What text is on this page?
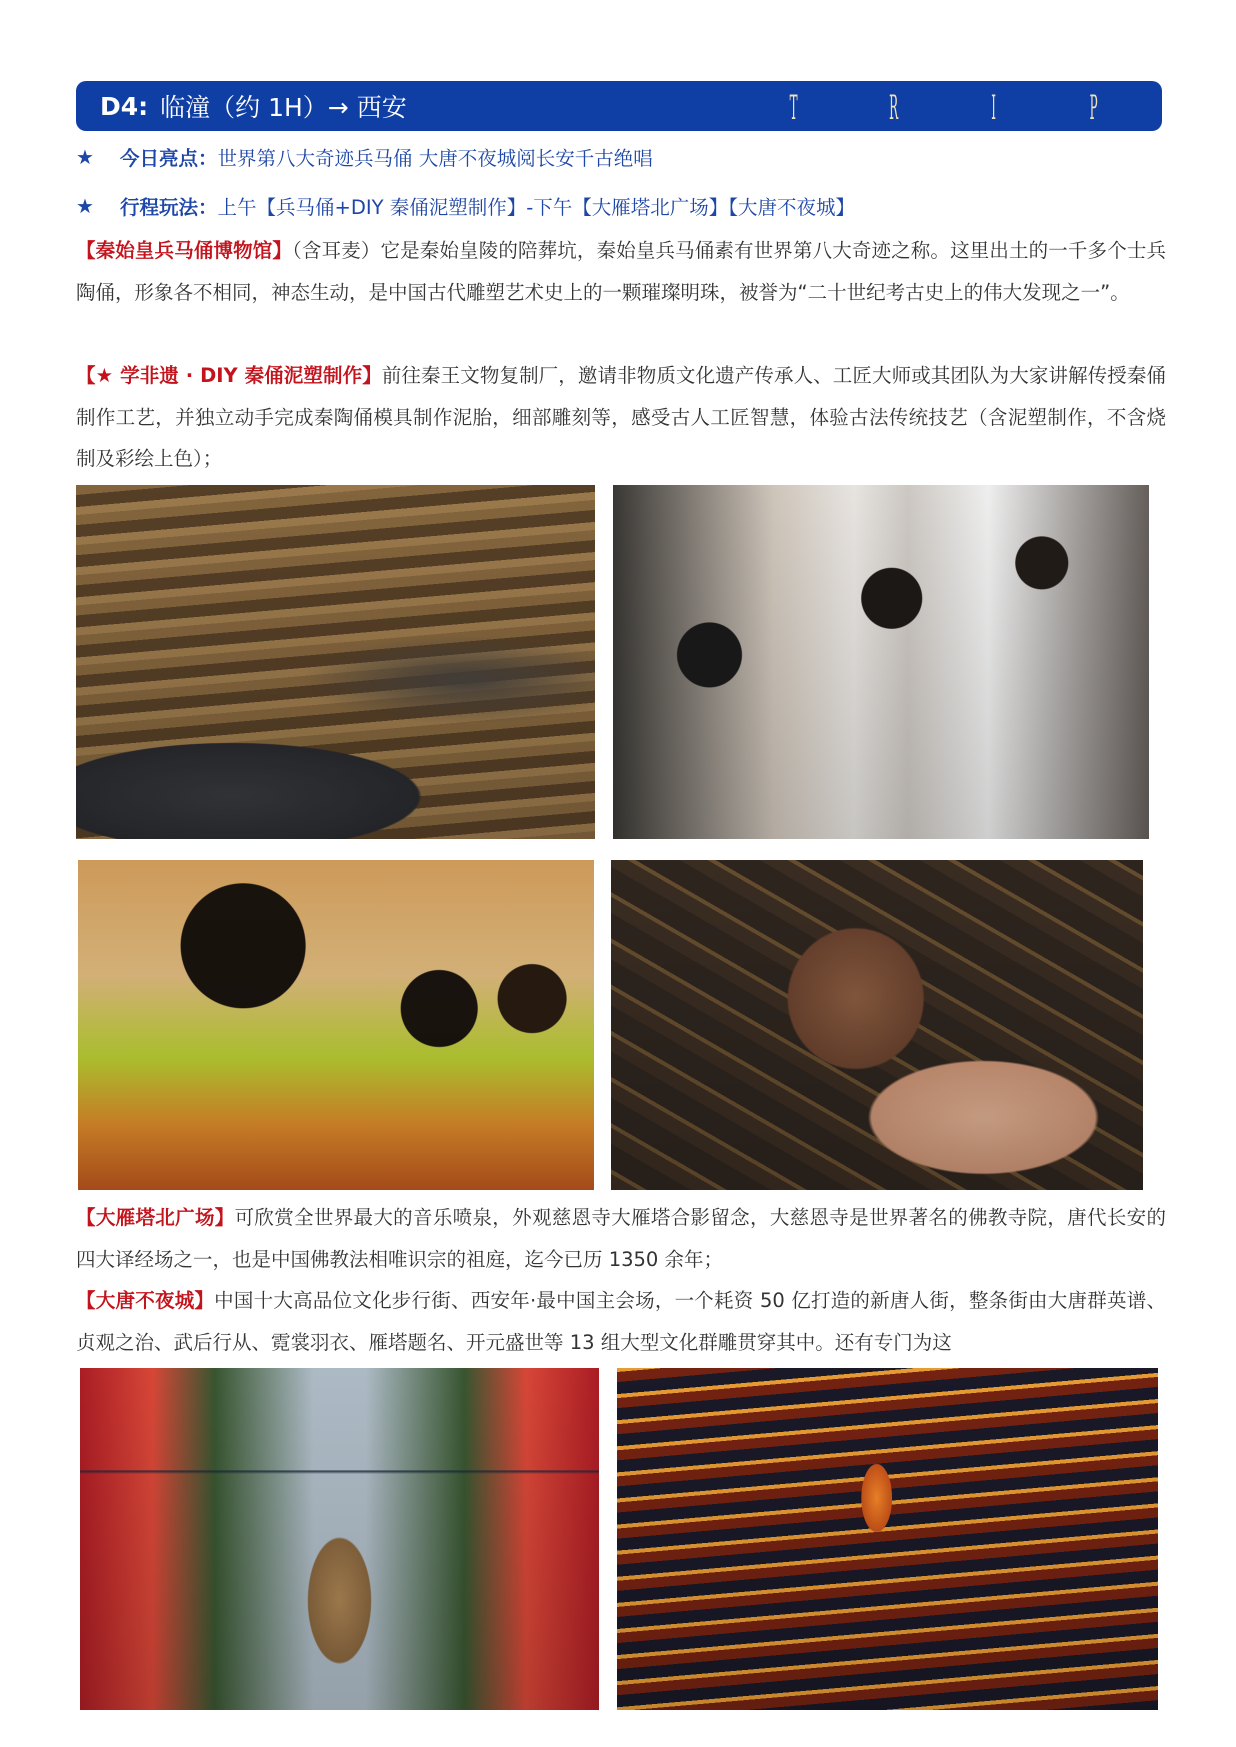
D4: 临潼（约 1H）→ 西安	T	R	I	P
★	今日亮点： 世界第八大奇迹兵马俑 大唐不夜城阅长安千古绝唱
★	行程玩法： 上午【兵马俑+DIY 秦俑泥塑制作】-下午【大雁塔北广场】【大唐不夜城】
【秦始皇兵马俑博物馆】（含耳麦）它是秦始皇陵的陪葬坑，秦始皇兵马俑素有世界第八大奇迹之称。这里出土的一千多个士兵陶俑，形象各不相同，神态生动，是中国古代雕塑艺术史上的一颗璀璨明珠，被誉为“二十世纪考古史上的伟大发现之一”。
【★ 学非遗 · DIY 秦俑泥塑制作】前往秦王文物复制厂，邀请非物质文化遗产传承人、工匠大师或其团队为大家讲解传授秦俑制作工艺，并独立动手完成秦陶俑模具制作泥胎，细部雕刻等，感受古人工匠智慧，体验古法传统技艺（含泥塑制作，不含烧制及彩绘上色）；
【大雁塔北广场】可欣赏全世界最大的音乐喷泉，外观慈恩寺大雁塔合影留念，大慈恩寺是世界著名的佛教寺院，唐代长安的四大译经场之一，也是中国佛教法相唯识宗的祖庭，迄今已历 1350 余年；
【大唐不夜城】中国十大高品位文化步行街、西安年·最中国主会场，一个耗资 50 亿打造的新唐人街，整条街由大唐群英谱、贞观之治、武后行从、霓裳羽衣、雁塔题名、开元盛世等 13 组大型文化群雕贯穿其中。还有专门为这
